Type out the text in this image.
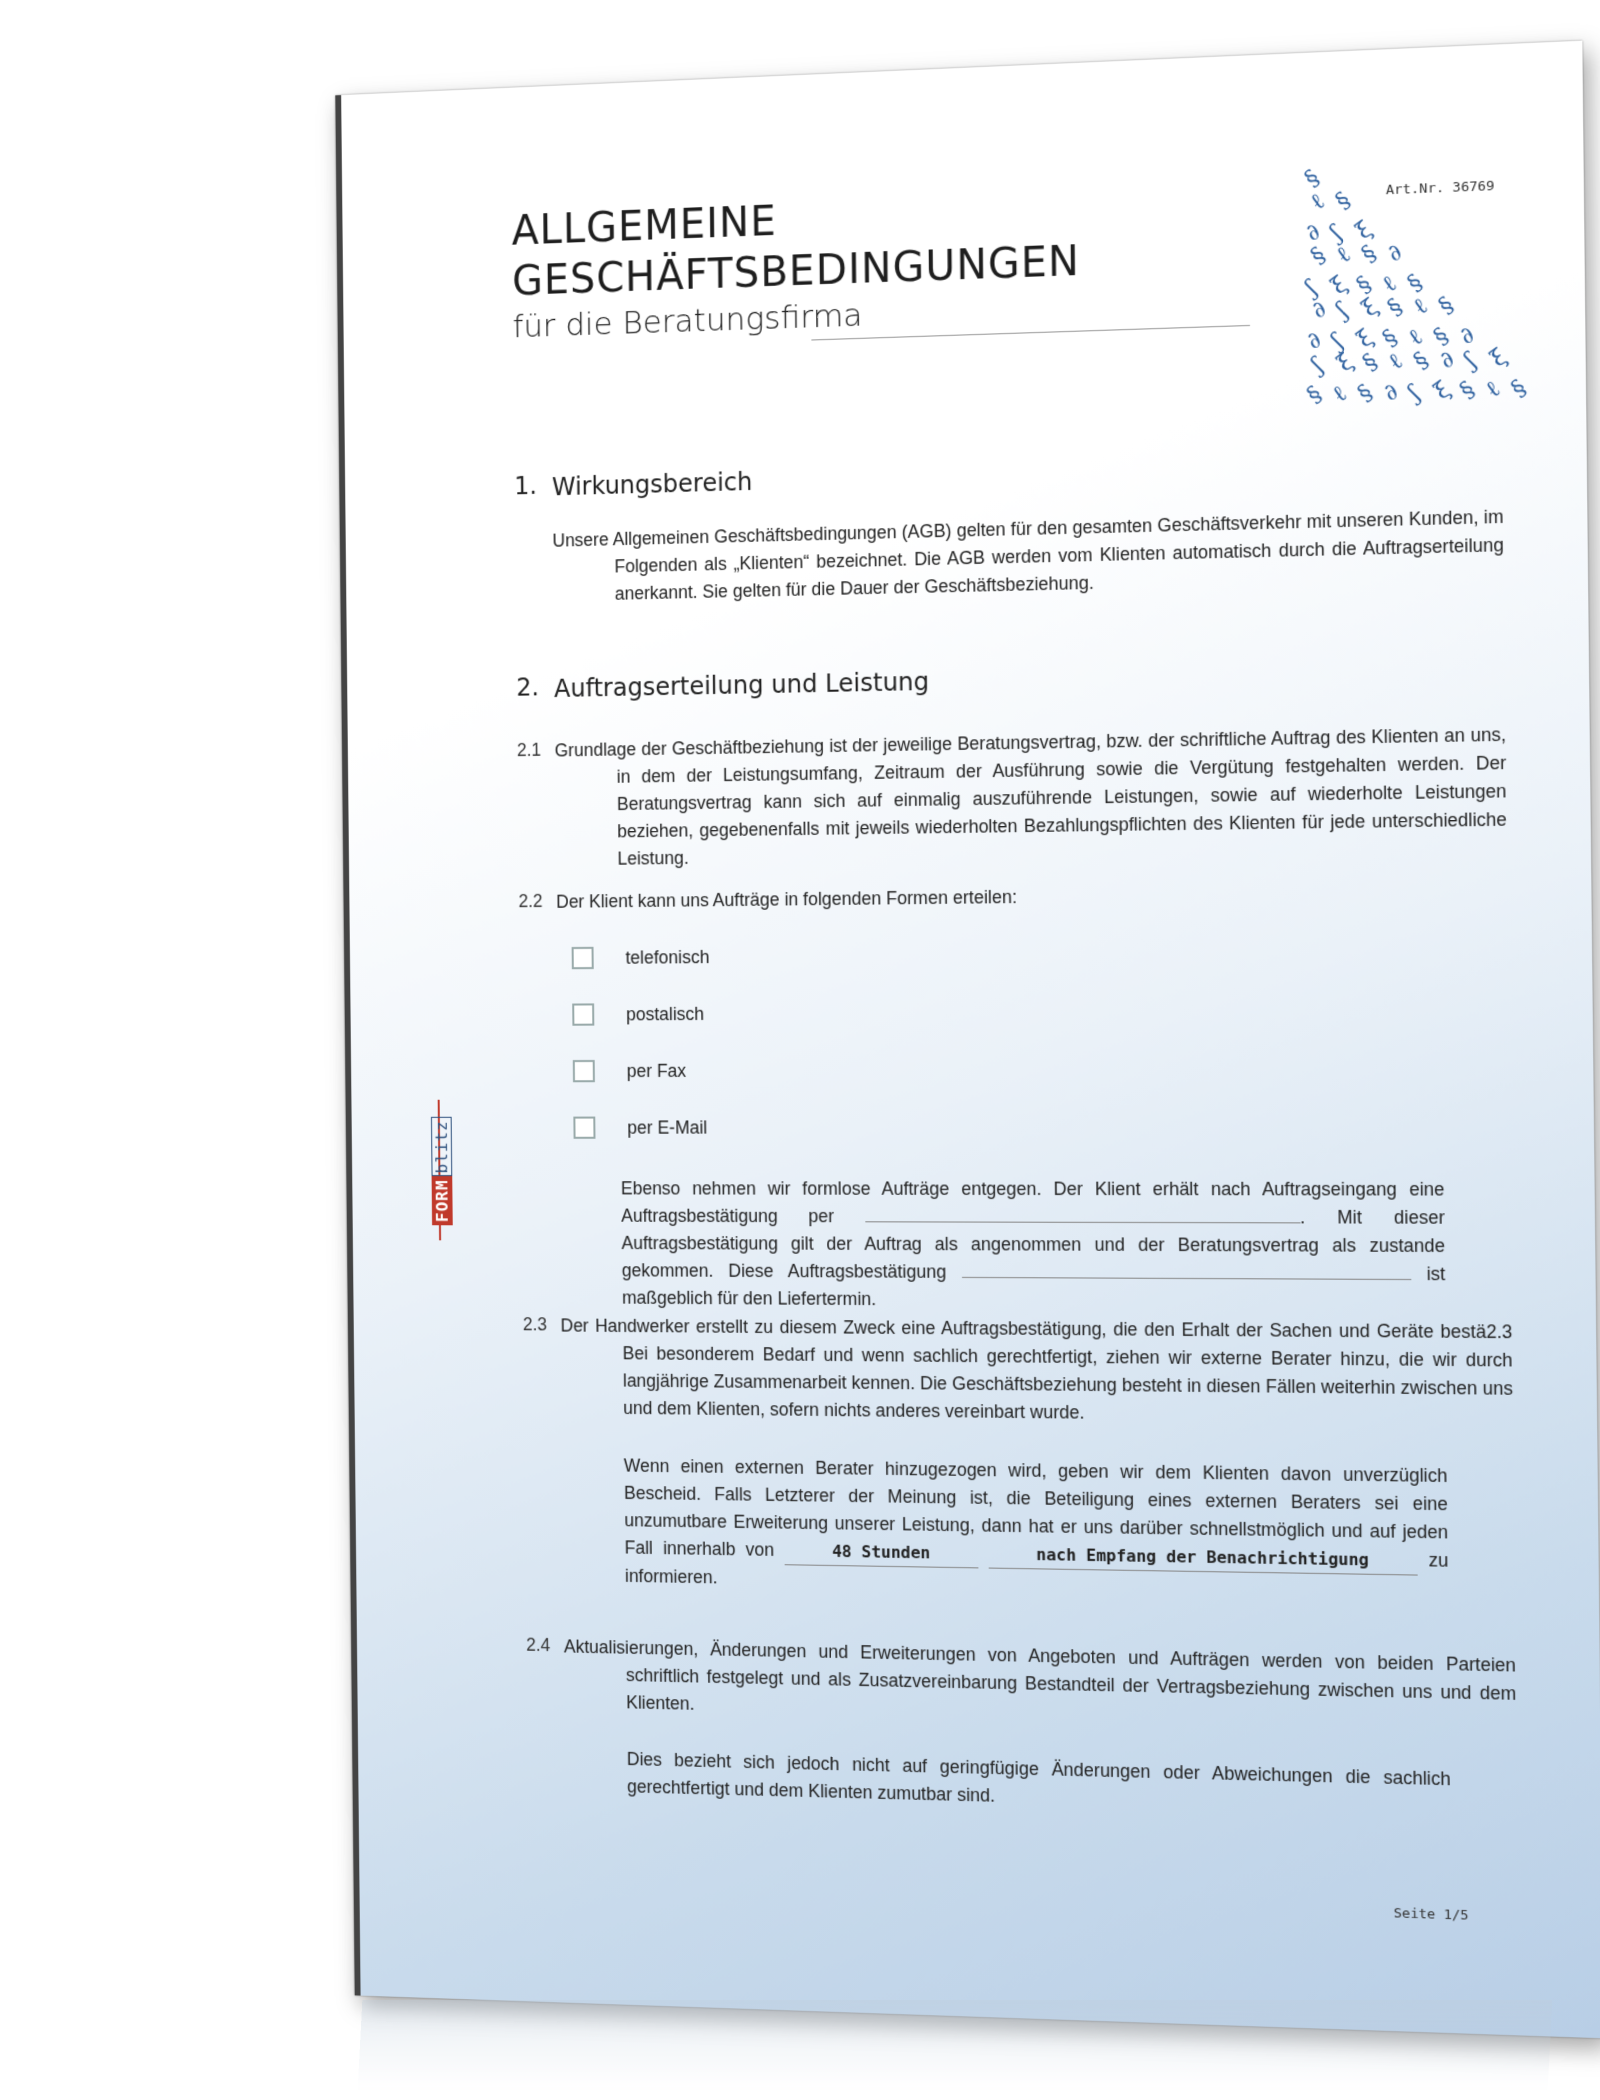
ALLGEMEINE
GESCHÄFTSBEDINGUNGEN
für die Beratungsfirma
Art.Nr. 36769
§
ℓ §
∂ ʃ ξ
§ ℓ § ∂
ʃ ξ § ℓ §
∂ ʃ ξ § ℓ §
∂ ʃ ξ § ℓ § ∂
ʃ ξ § ℓ § ∂ ʃ ξ
§ ℓ § ∂ ʃ ξ § ℓ §
FORMblitz
1. Wirkungsbereich
Unsere Allgemeinen Geschäftsbedingungen (AGB) gelten für den gesamten Geschäftsverkehr mit unseren Kunden, im Folgenden als „Klienten“ bezeichnet. Die AGB werden vom Klienten automatisch durch die Auftragserteilung anerkannt. Sie gelten für die Dauer der Geschäftsbeziehung.
2. Auftragserteilung und Leistung
2.1 Grundlage der Geschäftbeziehung ist der jeweilige Beratungsvertrag, bzw. der schriftliche Auftrag des Klienten an uns, in dem der Leistungsumfang, Zeitraum der Ausführung sowie die Vergütung festgehalten werden. Der Beratungsvertrag kann sich auf einmalig auszuführende Leistungen, sowie auf wiederholte Leistungen beziehen, gegebenenfalls mit jeweils wiederholten Bezahlungspflichten des Klienten für jede unterschiedliche Leistung.
2.2 Der Klient kann uns Aufträge in folgenden Formen erteilen:
telefonisch
postalisch
per Fax
per E-Mail
Ebenso nehmen wir formlose Aufträge entgegen. Der Klient erhält nach Auftragseingang eine Auftragsbestätigung per	. Mit dieser Auftragsbestätigung gilt der Auftrag als angenommen und der Beratungsvertrag als zustande gekommen. Diese Auftragsbestätigung	ist maßgeblich für den Liefertermin.
2.3 Der Handwerker erstellt zu diesem Zweck eine Auftragsbestätigung, die den Erhalt der Sachen und Geräte bestä2.3 Bei besonderem Bedarf und wenn sachlich gerechtfertigt, ziehen wir externe Berater hinzu, die wir durch langjährige Zusammenarbeit kennen. Die Geschäftsbeziehung besteht in diesen Fällen weiterhin zwischen uns und dem Klienten, sofern nichts anderes vereinbart wurde.
Wenn einen externen Berater hinzugezogen wird, geben wir dem Klienten davon unverzüglich Bescheid. Falls Letzterer der Meinung ist, die Beteiligung eines externen Beraters sei eine unzumutbare Erweiterung unserer Leistung, dann hat er uns darüber schnellstmöglich und auf jeden Fall innerhalb von	48 Stunden	nach Empfang der Benachrichtigung	zu informieren.
2.4 Aktualisierungen, Änderungen und Erweiterungen von Angeboten und Aufträgen werden von beiden Parteien schriftlich festgelegt und als Zusatzvereinbarung Bestandteil der Vertragsbeziehung zwischen uns und dem Klienten.
Dies bezieht sich jedoch nicht auf geringfügige Änderungen oder Abweichungen die sachlich gerechtfertigt und dem Klienten zumutbar sind.
Seite 1/5
